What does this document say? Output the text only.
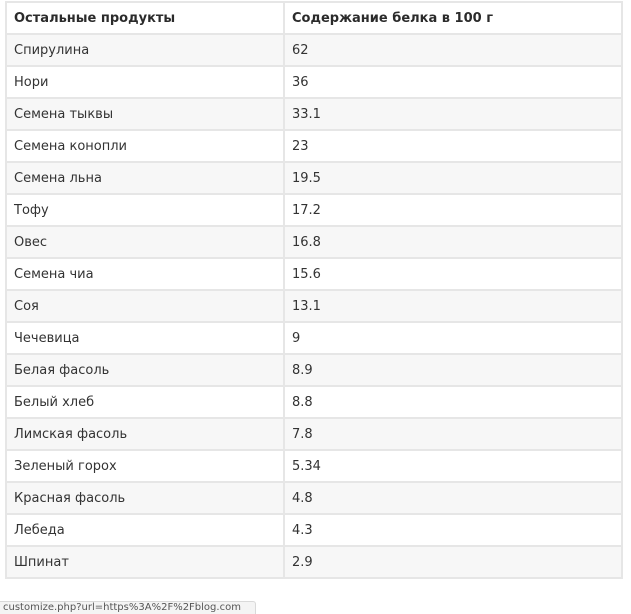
Остальные продукты	Содержание белка в 100 г
Спирулина	62
Нори	36
Семена тыквы	33.1
Семена конопли	23
Семена льна	19.5
Тофу	17.2
Овес	16.8
Семена чиа	15.6
Соя	13.1
Чечевица	9
Белая фасоль	8.9
Белый хлеб	8.8
Лимская фасоль	7.8
Зеленый горох	5.34
Красная фасоль	4.8
Лебеда	4.3
Шпинат	2.9
customize.php?url=https%3A%2F%2Fblog.com
